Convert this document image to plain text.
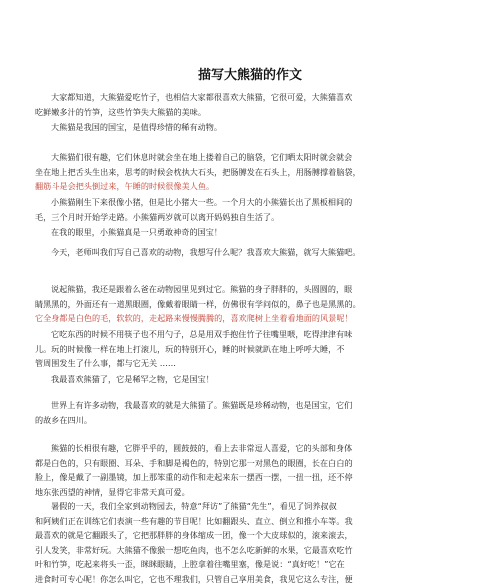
描写大熊猫的作文
大家都知道，大熊猫爱吃竹子，也相信大家都很喜欢大熊猫，它很可爱，大熊猫喜欢
吃鲜嫩多汁的竹笋，这些竹笋失大熊猫的美味。
大熊猫是我国的国宝，是值得珍惜的稀有动物。
大熊猫们很有趣，它们休息时就会坐在地上搂着自己的脑袋，它们晒太阳时就会就会
坐在地上把舌头生出来，思考的时候会枕执大石头，把肠膊发在石头上，用肠膊撑着脑袋，
翻筋斗是会把头倒过来，午睡的时候很像美人鱼。
小熊猫刚生下来很像小猪，但是比小猪大一些。一个月大的小熊猫长出了黑板相间的
毛，三个月时开始学走路。小熊猫两岁就可以离开妈妈独自生活了。
在我的眼里，小熊猫真是一只勇敢神奇的国宝！
今天，老师叫我们写自己喜欢的动物，我想写什么呢？我喜欢大熊猫，就写大熊猫吧。
说起熊猫，我还是跟着么爸在动物园里见到过它。熊猫的身子胖胖的，头圆圆的，眼
睛黑黑的，外面还有一道黑眼圈，像戴着眼睛一样，仿佛很有学问似的，鼻子也是黑黑的。
它全身都是白色的毛，软软的，走起路来慢慢腾腾的，喜欢爬树上坐着看地面的风景呢！
它吃东西的时候不用筷子也不用勺子，总是用双手抱住竹子往嘴里喂，吃得津津有味
儿。玩的时候像一样在地上打滚儿，玩的特别开心，睡的时候就趴在地上呼呼大睡，不
管周围发生了什么事，都与它无关 ……
我最喜欢熊猫了，它是稀罕之物，它是国宝！
世界上有许多动物，我最喜欢的就是大熊猫了。熊猫既是珍稀动物，也是国宝，它们
的故乡在四川。
熊猫的长相很有趣，它胖乎乎的，圆鼓鼓的，看上去非常逗人喜爱，它的头部和身体
都是白色的，只有眼圈、耳朵、手和脚是褐色的，特别它那一对黑色的眼圈，长在白白的
脸上，像是戴了一副墨镜，加上那笨重的动作和走起来东一摆西一摆，一扭一扭，还不停
地东张西望的神情，显得它非常天真可爱。
暑假的一天，我们全家到动物园去，特意“拜访”了熊猫“先生”，看见了饲养叔叔
和阿姨们正在训练它们表演一些有趣的节目呢！比如翻跟头、直立、倒立和推小车等。我
最喜欢的就是它翻跟头了，它把那胖胖的身体缩成一团，像一个大皮球似的，滚来滚去，
引人发笑，非常好玩。大熊猫不像猴一想吃鱼肉，也不怎么吃新鲜的水果，它最喜欢吃竹
叶和竹笋，吃起来将头一歪，眯眯眼睛，上腔拿着往嘴里塞，像是说：“真好吃！”它在
进食时可专心呢！你怎么叫它，它也不理我们，只管自己享用美食，我见它这么专注，便
